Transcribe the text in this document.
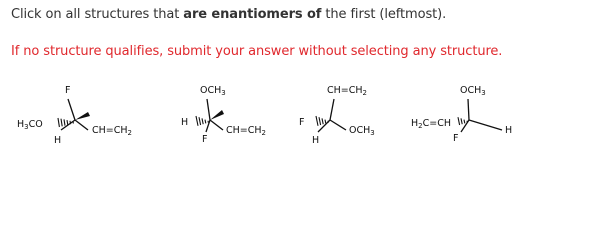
Click on all structures that are enantiomers of the first (leftmost).
If no structure qualifies, submit your answer without selecting any structure.
F
$H_3CO$
H
$CH=CH_2$
$OCH_3$
H
F
$CH=CH_2$
$CH=CH_2$
F
H
$OCH_3$
$OCH_3$
$H_2C=CH$
F
H
